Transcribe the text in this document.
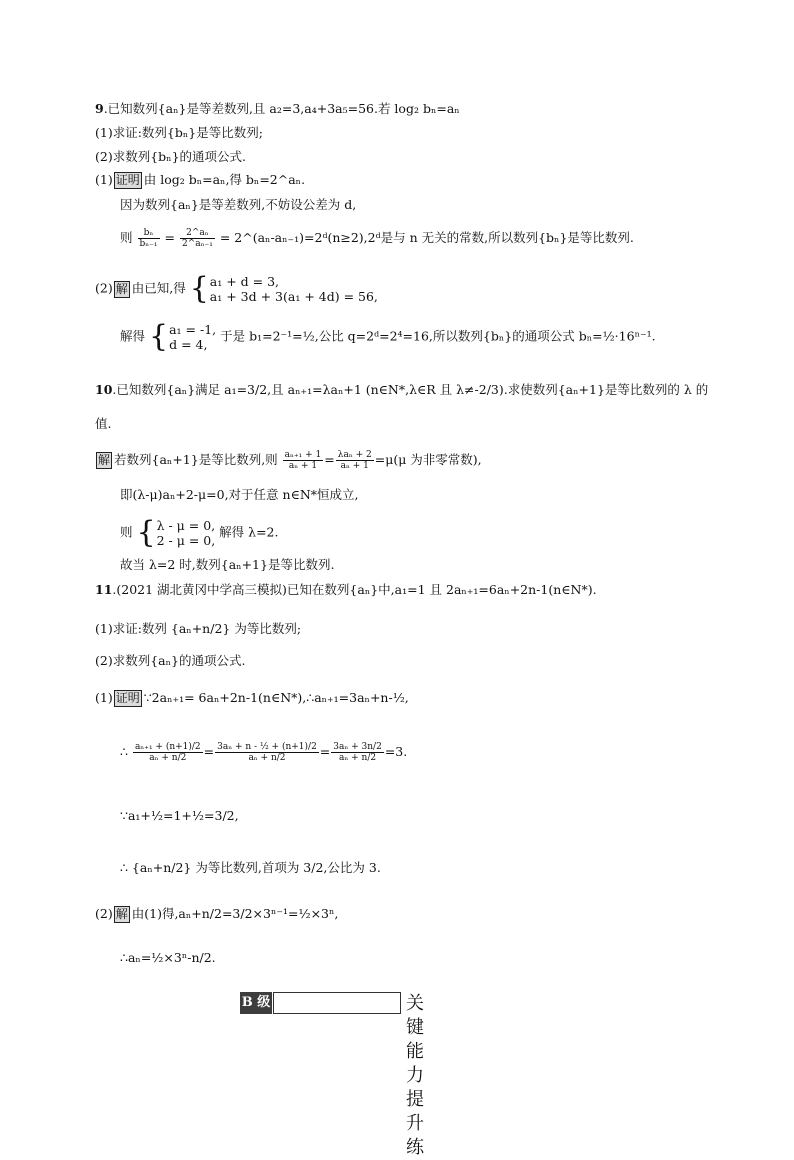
9.已知数列{aₙ}是等差数列,且 a₂=3,a₄+3a₅=56.若 log₂ bₙ=aₙ
(1)求证:数列{bₙ}是等比数列;
(2)求数列{bₙ}的通项公式.
(1) 证明 由 log₂ bₙ=aₙ,得 bₙ=2^aₙ.
因为数列{aₙ}是等差数列,不妨设公差为 d,
则 $\frac{\text{bₙ}}{\text{bₙ₋₁}} = \frac{\text{2\textasciicircum{}aₙ}}{\text{2\textasciicircum{}aₙ₋₁}}$ = 2^(aₙ-aₙ₋₁)=2ᵈ(n≥2),2ᵈ是与 n 无关的常数,所以数列{bₙ}是等比数列.
(2) 解 由已知,得 { a₁ + d = 3,
a₁ + 3d + 3(a₁ + 4d) = 56,
解得 { a₁ = -1,
d = 4,
于是 b₁=2⁻¹=½,公比 q=2ᵈ=2⁴=16,所以数列{bₙ}的通项公式 bₙ=½·16ⁿ⁻¹.
10.已知数列{aₙ}满足 a₁=3/2,且 aₙ₊₁=λaₙ+1 (n∈N*,λ∈R 且 λ≠-2/3).求使数列{aₙ+1}是等比数列的 λ 的
值.
解 若数列{aₙ+1}是等比数列,则 $\frac{\text{aₙ₊₁ + 1}}{\text{aₙ + 1}} = \frac{\text{λaₙ + 2}}{\text{aₙ + 1}} =\mu(\mu$ 为非零常数),
即(λ-μ)aₙ+2-μ=0,对于任意 n∈N*恒成立,
则 { λ - μ = 0,
2 - μ = 0,
解得 λ=2.
故当 λ=2 时,数列{aₙ+1}是等比数列.
11.(2021 湖北黄冈中学高三模拟)已知在数列{aₙ}中,a₁=1 且 2aₙ₊₁=6aₙ+2n-1(n∈N*).
(1)求证:数列 {aₙ+n/2} 为等比数列;
(2)求数列{aₙ}的通项公式.
(1) 证明 ∵2aₙ₊₁= 6aₙ+2n-1(n∈N*),∴aₙ₊₁=3aₙ+n-½,
∴ $\frac{\text{aₙ₊₁ + (n+1)/2}}{\text{aₙ + n/2}} = \frac{\text{3aₙ + n - ½ + (n+1)/2}}{\text{aₙ + n/2}} = \frac{\text{3aₙ + 3n/2}}{\text{aₙ + n/2}} =3$.
∵a₁+½=1+½=3/2,
∴ {aₙ+n/2} 为等比数列,首项为 3/2,公比为 3.
(2) 解 由(1)得,aₙ+n/2=3/2×3ⁿ⁻¹=½×3ⁿ,
∴aₙ=½×3ⁿ-n/2.
B 级	关键能力提升练
